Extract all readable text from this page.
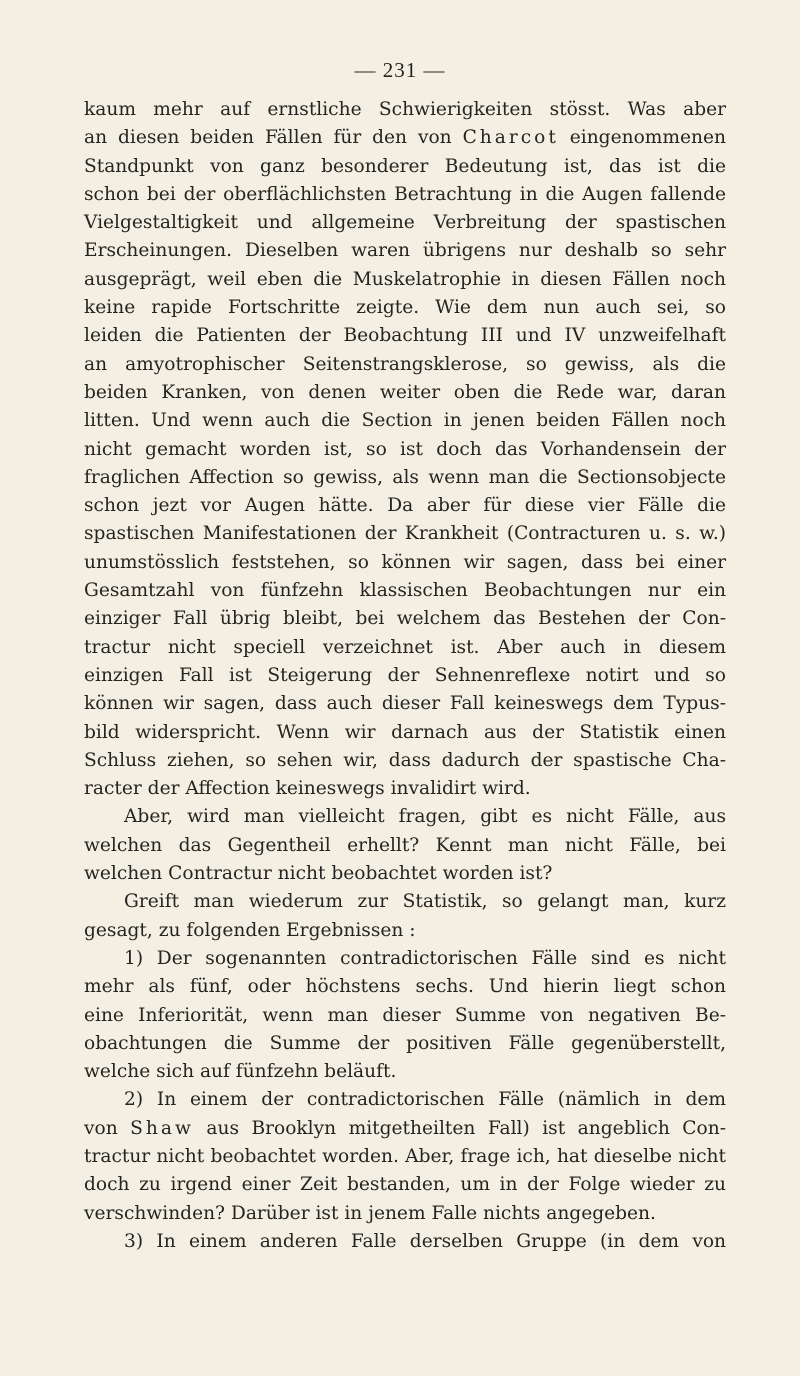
— 231 —
kaum mehr auf ernstliche Schwierigkeiten stösst. Was aber
an diesen beiden Fällen für den von Charcot eingenommenen
Standpunkt von ganz besonderer Bedeutung ist, das ist die
schon bei der oberflächlichsten Betrachtung in die Augen fallende
Vielgestaltigkeit und allgemeine Verbreitung der spastischen
Erscheinungen. Dieselben waren übrigens nur deshalb so sehr
ausgeprägt, weil eben die Muskelatrophie in diesen Fällen noch
keine rapide Fortschritte zeigte. Wie dem nun auch sei, so
leiden die Patienten der Beobachtung III und IV unzweifelhaft
an amyotrophischer Seitenstrangsklerose, so gewiss, als die
beiden Kranken, von denen weiter oben die Rede war, daran
litten. Und wenn auch die Section in jenen beiden Fällen noch
nicht gemacht worden ist, so ist doch das Vorhandensein der
fraglichen Affection so gewiss, als wenn man die Sectionsobjecte
schon jezt vor Augen hätte. Da aber für diese vier Fälle die
spastischen Manifestationen der Krankheit (Contracturen u. s. w.)
unumstösslich feststehen, so können wir sagen, dass bei einer
Gesamtzahl von fünfzehn klassischen Beobachtungen nur ein
einziger Fall übrig bleibt, bei welchem das Bestehen der Con-
tractur nicht speciell verzeichnet ist. Aber auch in diesem
einzigen Fall ist Steigerung der Sehnenreflexe notirt und so
können wir sagen, dass auch dieser Fall keineswegs dem Typus-
bild widerspricht. Wenn wir darnach aus der Statistik einen
Schluss ziehen, so sehen wir, dass dadurch der spastische Cha-
racter der Affection keineswegs invalidirt wird.
Aber, wird man vielleicht fragen, gibt es nicht Fälle, aus
welchen das Gegentheil erhellt? Kennt man nicht Fälle, bei
welchen Contractur nicht beobachtet worden ist?
Greift man wiederum zur Statistik, so gelangt man, kurz
gesagt, zu folgenden Ergebnissen :
1) Der sogenannten contradictorischen Fälle sind es nicht
mehr als fünf, oder höchstens sechs. Und hierin liegt schon
eine Inferiorität, wenn man dieser Summe von negativen Be-
obachtungen die Summe der positiven Fälle gegenüberstellt,
welche sich auf fünfzehn beläuft.
2) In einem der contradictorischen Fälle (nämlich in dem
von Shaw aus Brooklyn mitgetheilten Fall) ist angeblich Con-
tractur nicht beobachtet worden. Aber, frage ich, hat dieselbe nicht
doch zu irgend einer Zeit bestanden, um in der Folge wieder zu
verschwinden? Darüber ist in jenem Falle nichts angegeben.
3) In einem anderen Falle derselben Gruppe (in dem von
